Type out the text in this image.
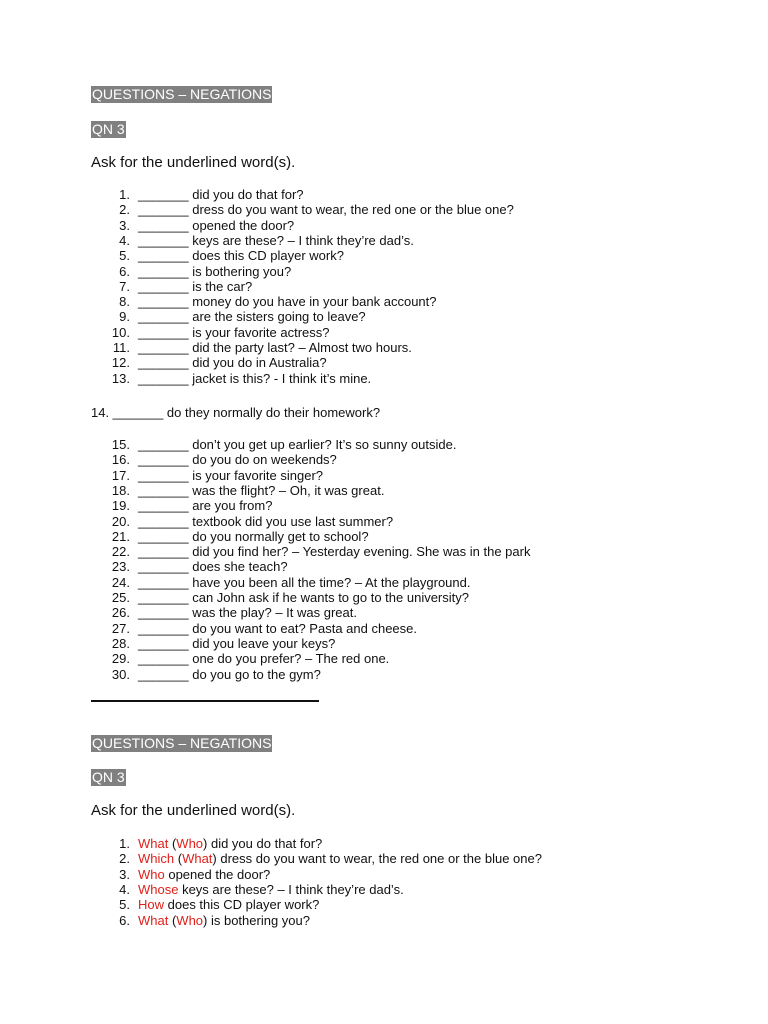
QUESTIONS – NEGATIONS
QN 3
Ask for the underlined word(s).
1. _______ did you do that for?
2. _______ dress do you want to wear, the red one or the blue one?
3. _______ opened the door?
4. _______ keys are these? – I think they’re dad’s.
5. _______ does this CD player work?
6. _______ is bothering you?
7. _______ is the car?
8. _______ money do you have in your bank account?
9. _______ are the sisters going to leave?
10. _______ is your favorite actress?
11. _______ did the party last? – Almost two hours.
12. _______ did you do in Australia?
13. _______ jacket is this? - I think it’s mine.
14. _______ do they normally do their homework?
15. _______ don’t you get up earlier? It’s so sunny outside.
16. _______ do you do on weekends?
17. _______ is your favorite singer?
18. _______ was the flight? – Oh, it was great.
19. _______ are you from?
20. _______ textbook did you use last summer?
21. _______ do you normally get to school?
22. _______ did you find her? – Yesterday evening. She was in the park
23. _______ does she teach?
24. _______ have you been all the time? – At the playground.
25. _______ can John ask if he wants to go to the university?
26. _______ was the play? – It was great.
27. _______ do you want to eat? Pasta and cheese.
28. _______ did you leave your keys?
29. _______ one do you prefer? – The red one.
30. _______ do you go to the gym?
QUESTIONS – NEGATIONS
QN 3
Ask for the underlined word(s).
1. What (Who) did you do that for?
2. Which (What) dress do you want to wear, the red one or the blue one?
3. Who opened the door?
4. Whose keys are these? – I think they’re dad’s.
5. How does this CD player work?
6. What (Who) is bothering you?
